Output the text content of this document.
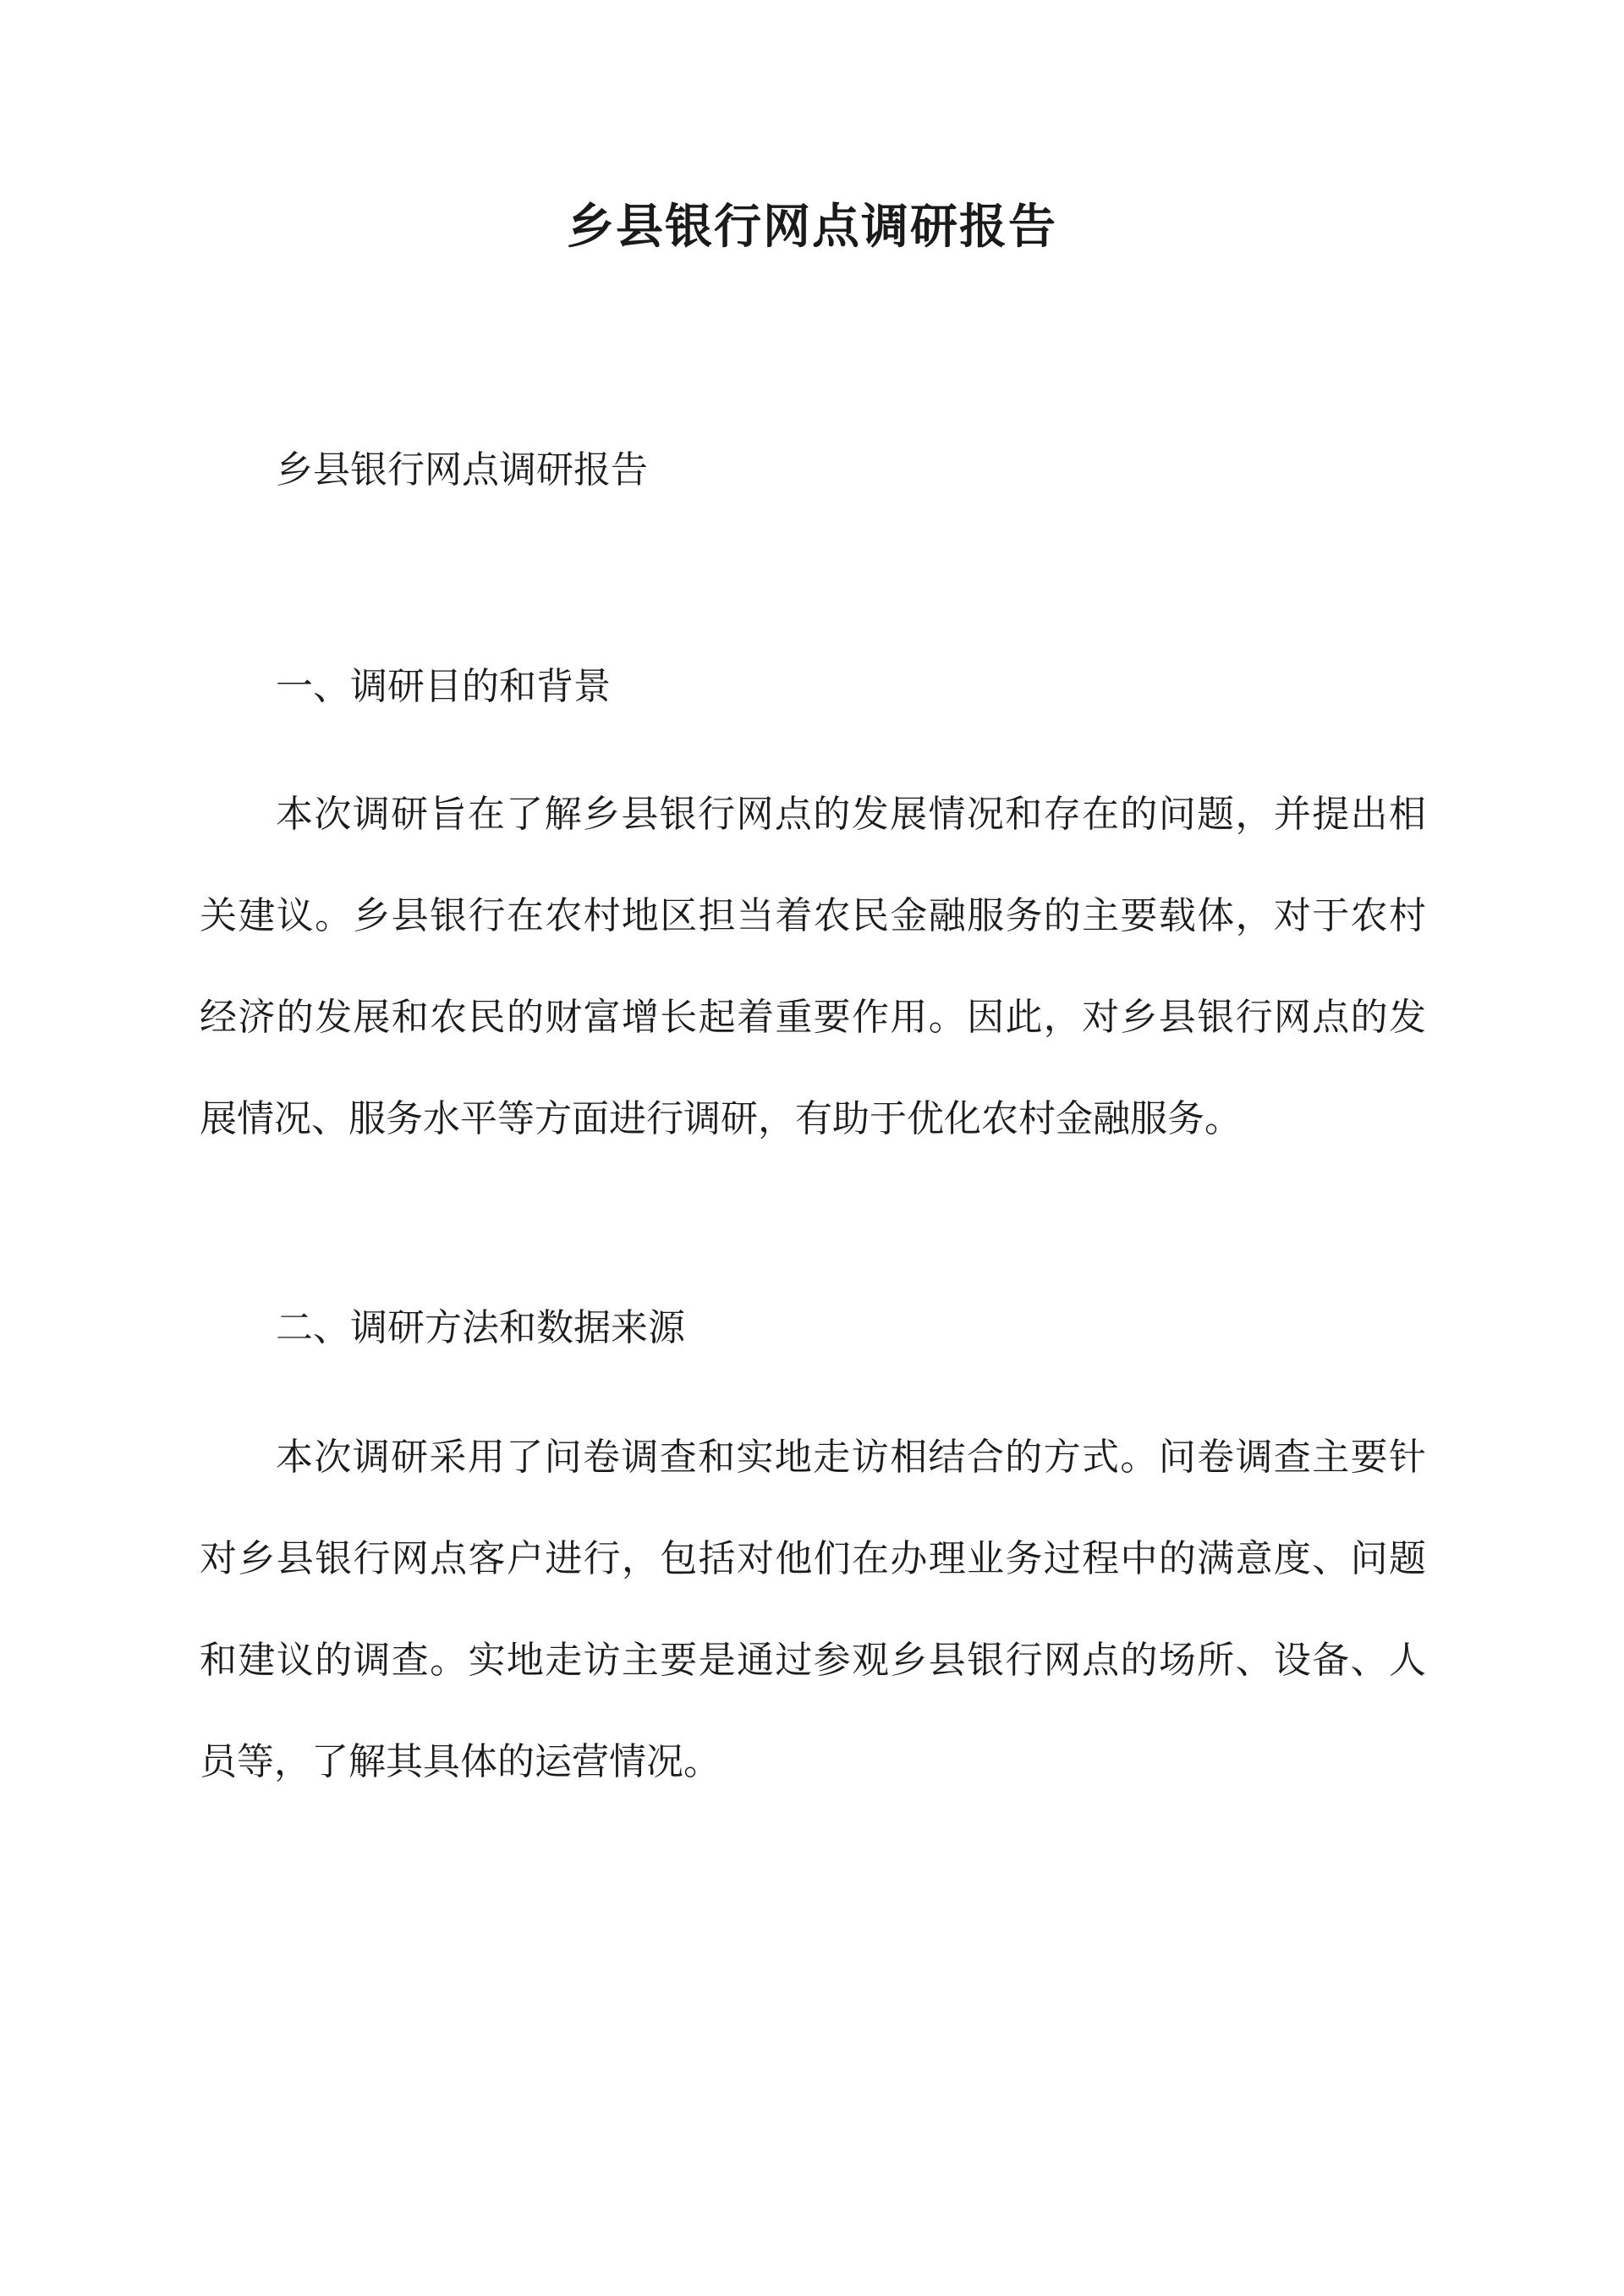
乡县银行网点调研报告

乡县银行网点调研报告

一、调研目的和背景

本次调研旨在了解乡县银行网点的发展情况和存在的问题，并提出相关建议。乡县银行在农村地区担当着农民金融服务的主要载体，对于农村经济的发展和农民的财富增长起着重要作用。因此，对乡县银行网点的发展情况、服务水平等方面进行调研，有助于优化农村金融服务。

二、调研方法和数据来源

本次调研采用了问卷调查和实地走访相结合的方式。问卷调查主要针对乡县银行网点客户进行，包括对他们在办理业务过程中的满意度、问题和建议的调查。实地走访主要是通过参观乡县银行网点的场所、设备、人员等，了解其具体的运营情况。
